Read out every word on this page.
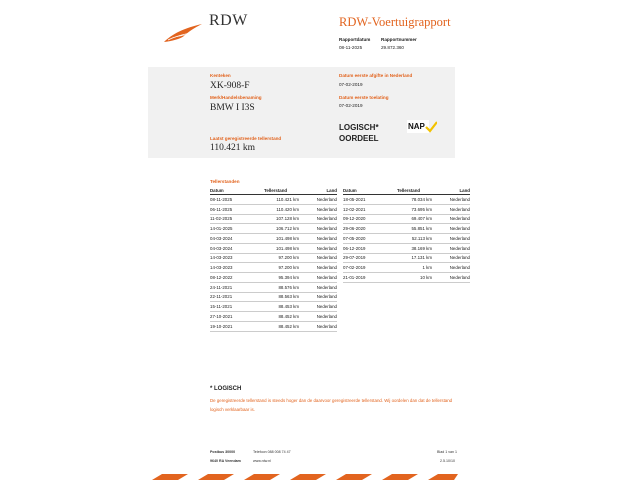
RDW	RDW-Voertuigrapport
Rapportdatum
08-11-2025
Rapportnummer
29.872.360
Kenteken
XK-908-F
Merk/Handelsbenaming
BMW I I3S
Laatst geregistreerde tellerstand
110.421 km
Datum eerste afgifte in Nederland
07-02-2019
Datum eerste toelating
07-02-2019
LOGISCH*
OORDEEL
NAP
Tellerstanden
Datum	Tellerstand	Land
08-11-2025	110.421 km	Nederland
06-11-2025	110.420 km	Nederland
11-02-2025	107.128 km	Nederland
14-01-2025	106.712 km	Nederland
04-03-2024	101.498 km	Nederland
04-03-2024	101.498 km	Nederland
14-03-2023	97.200 km	Nederland
14-03-2023	97.200 km	Nederland
08-12-2022	95.394 km	Nederland
24-11-2021	88.576 km	Nederland
22-11-2021	88.563 km	Nederland
15-11-2021	88.453 km	Nederland
27-10-2021	88.452 km	Nederland
19-10-2021	88.452 km	Nederland
Datum	Tellerstand	Land
18-05-2021	78.034 km	Nederland
12-02-2021	73.695 km	Nederland
09-12-2020	69.407 km	Nederland
29-06-2020	55.851 km	Nederland
07-05-2020	52.113 km	Nederland
06-12-2019	38.169 km	Nederland
29-07-2019	17.131 km	Nederland
07-02-2019	1 km	Nederland
21-01-2019	10 km	Nederland
* LOGISCH
De geregistreerde tellerstand is steeds hoger dan de daarvoor geregistreerde tellerstand. Wij oordelen dan dat de tellerstand logisch verklaarbaar is.
Postbus 30000
9640 RA Veendam
Telefoon 088 008 74 47
www.rdw.nl
Blad 1 van 1
2.5.10/10
